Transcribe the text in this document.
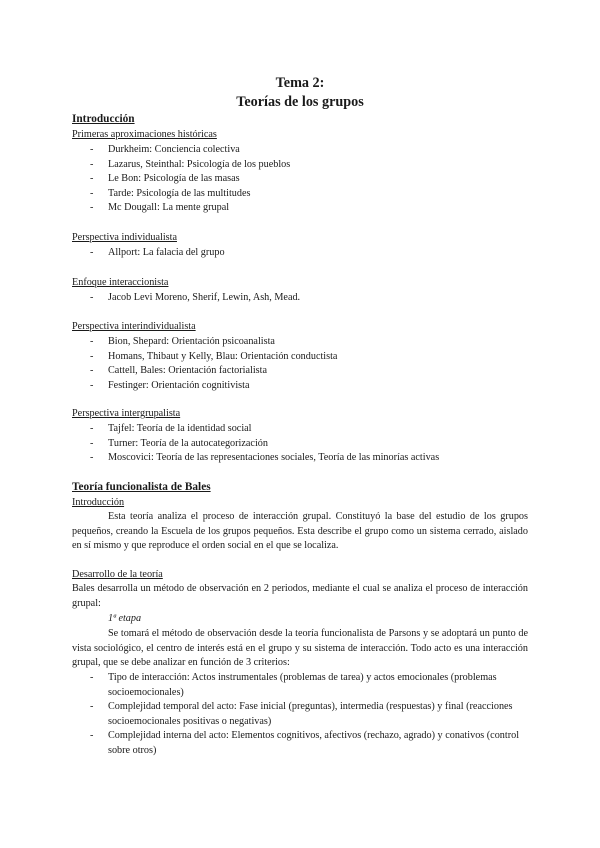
Tema 2:
Teorías de los grupos
Introducción
Primeras aproximaciones históricas
- Durkheim: Conciencia colectiva
- Lazarus, Steinthal: Psicología de los pueblos
- Le Bon: Psicología de las masas
- Tarde: Psicología de las multitudes
- Mc Dougall: La mente grupal
Perspectiva individualista
- Allport: La falacia del grupo
Enfoque interaccionista
- Jacob Levi Moreno, Sherif, Lewin, Ash, Mead.
Perspectiva interindividualista
- Bion, Shepard: Orientación psicoanalista
- Homans, Thibaut y Kelly, Blau: Orientación conductista
- Cattell, Bales: Orientación factorialista
- Festinger: Orientación cognitivista
Perspectiva intergrupalista
- Tajfel: Teoría de la identidad social
- Turner: Teoría de la autocategorización
- Moscovici: Teoría de las representaciones sociales, Teoría de las minorías activas
Teoría funcionalista de Bales
Introducción

Esta teoría analiza el proceso de interacción grupal. Constituyó la base del estudio de los grupos pequeños, creando la Escuela de los grupos pequeños. Esta describe el grupo como un sistema cerrado, aislado en sí mismo y que reproduce el orden social en el que se localiza.

Desarrollo de la teoría

Bales desarrolla un método de observación en 2 periodos, mediante el cual se analiza el proceso de interacción grupal:

1ª etapa

Se tomará el método de observación desde la teoría funcionalista de Parsons y se adoptará un punto de vista sociológico, el centro de interés está en el grupo y su sistema de interacción. Todo acto es una interacción grupal, que se debe analizar en función de 3 criterios:

- Tipo de interacción: Actos instrumentales (problemas de tarea) y actos emocionales (problemas socioemocionales)
- Complejidad temporal del acto: Fase inicial (preguntas), intermedia (respuestas) y final (reacciones socioemocionales positivas o negativas)
- Complejidad interna del acto: Elementos cognitivos, afectivos (rechazo, agrado) y conativos (control sobre otros)
